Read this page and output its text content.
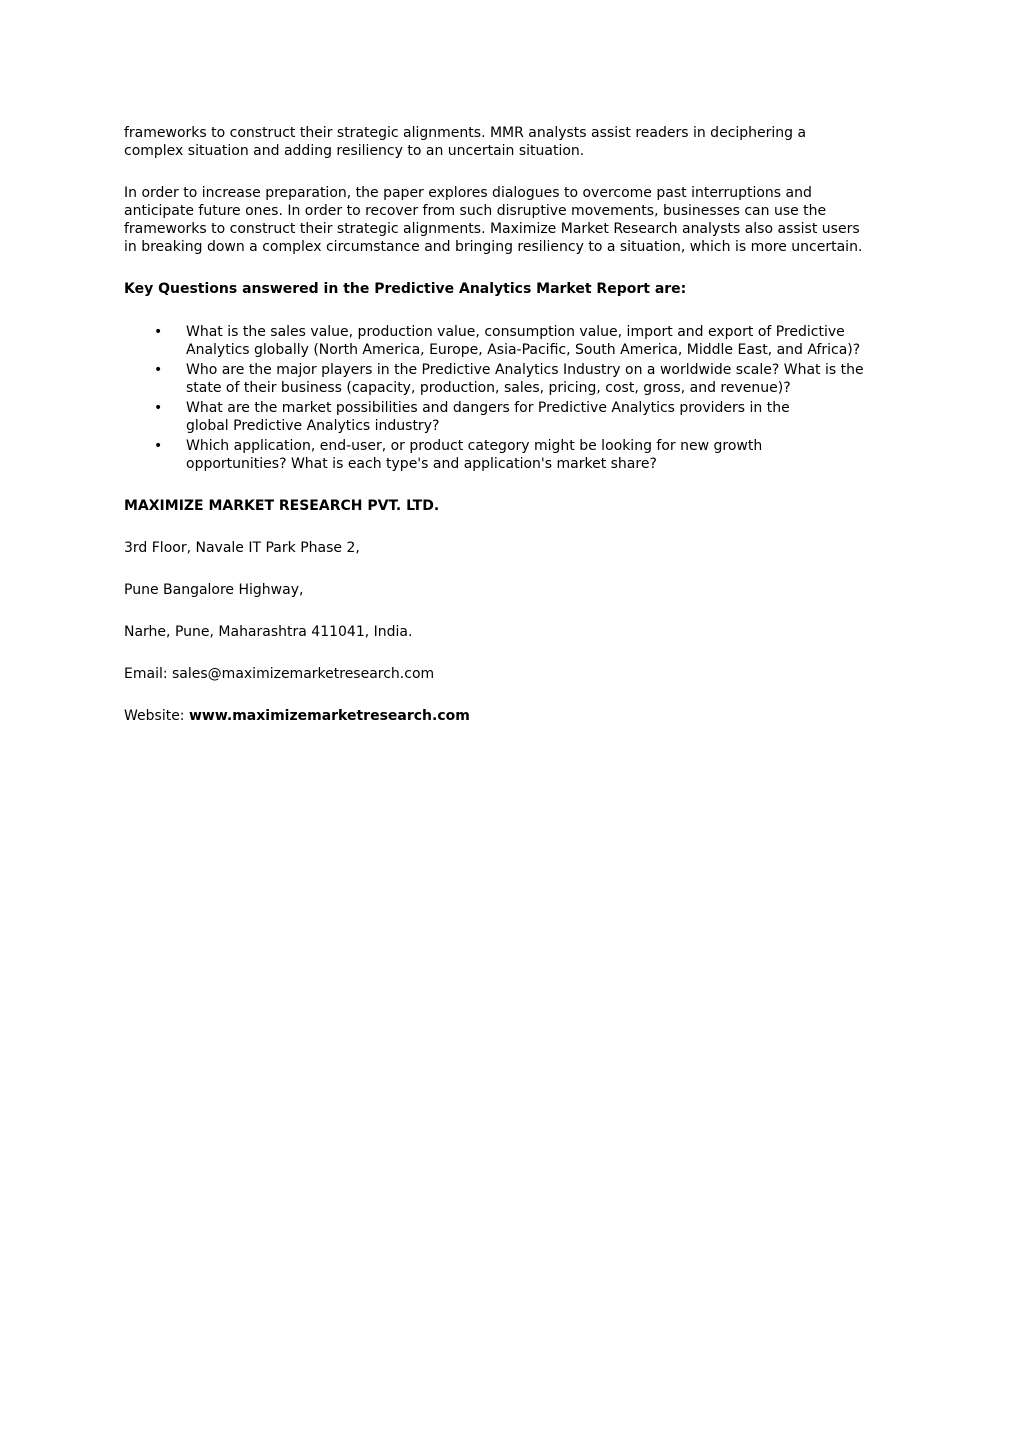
frameworks to construct their strategic alignments. MMR analysts assist readers in deciphering a
complex situation and adding resiliency to an uncertain situation.

In order to increase preparation, the paper explores dialogues to overcome past interruptions and
anticipate future ones. In order to recover from such disruptive movements, businesses can use the
frameworks to construct their strategic alignments. Maximize Market Research analysts also assist users
in breaking down a complex circumstance and bringing resiliency to a situation, which is more uncertain.

Key Questions answered in the Predictive Analytics Market Report are:

• What is the sales value, production value, consumption value, import and export of Predictive
Analytics globally (North America, Europe, Asia-Pacific, South America, Middle East, and Africa)?
• Who are the major players in the Predictive Analytics Industry on a worldwide scale? What is the
state of their business (capacity, production, sales, pricing, cost, gross, and revenue)?
• What are the market possibilities and dangers for Predictive Analytics providers in the
global Predictive Analytics industry?
• Which application, end-user, or product category might be looking for new growth
opportunities? What is each type's and application's market share?

MAXIMIZE MARKET RESEARCH PVT. LTD.

3rd Floor, Navale IT Park Phase 2,

Pune Bangalore Highway,

Narhe, Pune, Maharashtra 411041, India.

Email: sales@maximizemarketresearch.com

Website: www.maximizemarketresearch.com
